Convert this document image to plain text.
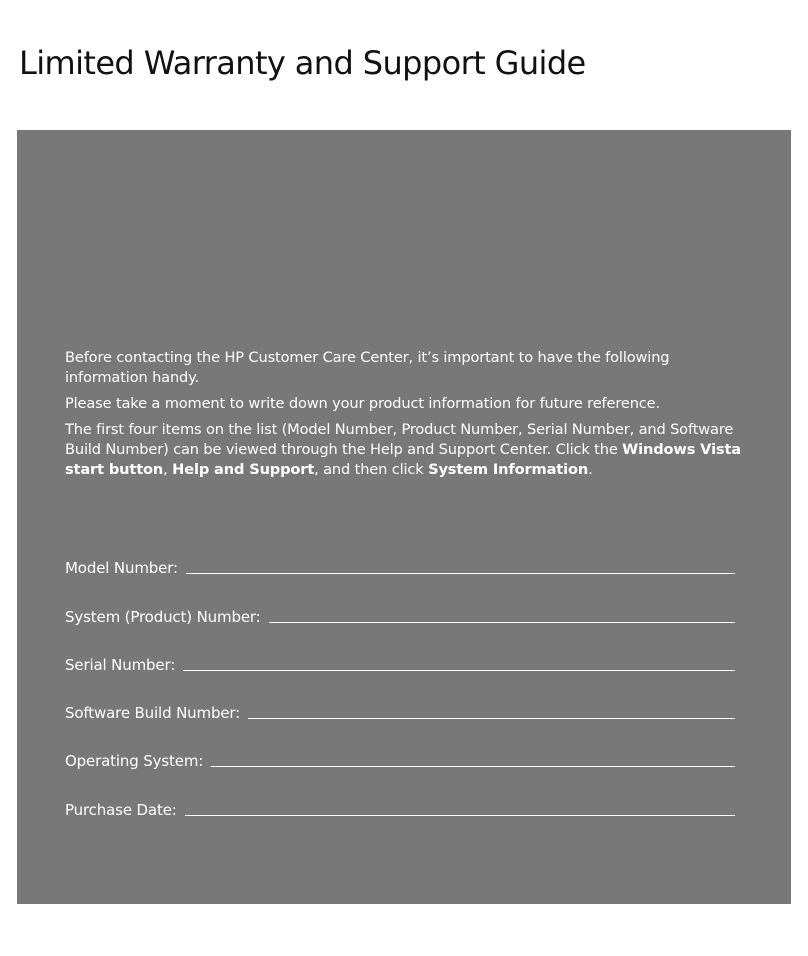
Limited Warranty and Support Guide

Before contacting the HP Customer Care Center, it’s important to have the following information handy.

Please take a moment to write down your product information for future reference.

The first four items on the list (Model Number, Product Number, Serial Number, and Software Build Number) can be viewed through the Help and Support Center. Click the Windows Vista start button, Help and Support, and then click System Information.

Model Number:
System (Product) Number:
Serial Number:
Software Build Number:
Operating System:
Purchase Date:
